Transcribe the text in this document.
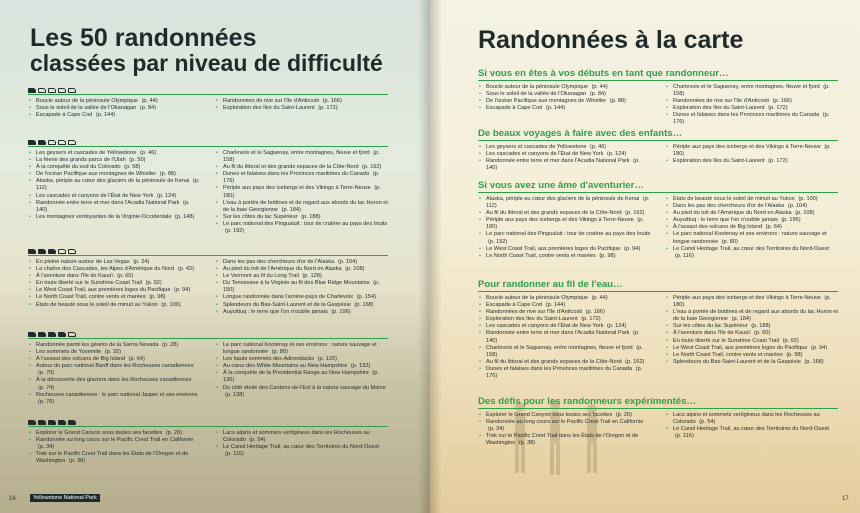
Les 50 randonnées
classées par niveau de difficulté
• Boucle autour de la péninsule Olympique (p. 44)
• Sous le soleil de la vallée de l'Okanagan (p. 84)
• Escapade à Cape Cod (p. 144)
• Randonnées de rive sur l'île d'Anticosti (p. 166)
• Exploration des îles du Saint-Laurent (p. 172)
• Les geysers et cascades de Yellowstone (p. 46)
• La féerie des grands parcs de l'Utah (p. 50)
• À la conquête du sud du Colorado (p. 58)
• De l'océan Pacifique aux montagnes de Whistler (p. 88)
• Alaska, périple au cœur des glaciers de la péninsule de Kenai (p. 112)
• Les cascades et canyons de l'État de New York (p. 124)
• Randonnée entre terre et mer dans l'Acadia National Park (p. 140)
• Les montagnes verdoyantes de la Virginie-Occidentale (p. 148)
• Charlevoix et le Saguenay, entre montagnes, fleuve et fjord (p. 158)
• Au fil du littoral et des grands espaces de la Côte-Nord (p. 162)
• Dunes et falaises dans les Provinces maritimes du Canada (p. 176)
• Périple aux pays des icebergs et des Vikings à Terre-Neuve (p. 180)
• L'eau à portée de bottines et de regard aux abords du lac Huron et de la baie Georgienne (p. 184)
• Sur les côtes du lac Supérieur (p. 188)
• Le parc national des Pingualuit : tour de cratère au pays des Inuits (p. 192)
• En pleine nature autour de Las Vegas (p. 24)
• La chaîne des Cascades, les Alpes d'Amérique du Nord (p. 42)
• À l'aventure dans l'île de Kaua'i (p. 60)
• En toute liberté sur le Sunshine Coast Trail (p. 92)
• Le West Coast Trail, aux premières loges du Pacifique (p. 94)
• Le North Coast Trail, contre vents et marées (p. 98)
• États de beauté sous le soleil de minuit au Yukon (p. 100)
• Dans les pas des chercheurs d'or de l'Alaska (p. 104)
• Au pied du toit de l'Amérique du Nord en Alaska (p. 108)
• Le Vermont au fil du Long Trail (p. 128)
• Du Tennessee à la Virginie au fil des Blue Ridge Mountains (p. 150)
• Longue randonnée dans l'arrière-pays de Charlevoix (p. 154)
• Splendeurs du Bas-Saint-Laurent et de la Gaspésie (p. 168)
• Auyuittuq : le terre que l'on n'oublie jamais (p. 196)
• Randonnée parmi les géants de la Sierra Nevada (p. 28)
• Les sommets de Yosemite (p. 32)
• À l'assaut des volcans de Big Island (p. 64)
• Autour du parc national Banff dans les Rocheuses canadiennes (p. 70)
• À la découverte des glaciers dans les Rocheuses canadiennes (p. 74)
• Rocheuses canadiennes : le parc national Jasper et ses environs (p. 76)
• Le parc national Kootenay et ses environs : nature sauvage et longue randonnée (p. 80)
• Les hauts sommets des Adirondacks (p. 120)
• Au cœur des White Mountains au New Hampshire (p. 132)
• À la conquête de la Presidential Range au New Hampshire (p. 136)
• Du côté étoilé des Cantons-de-l'Est à la nature sauvage du Maine (p. 138)
• Explorer le Grand Canyon sous toutes ses facettes (p. 20)
• Randonnée au long cours sur le Pacific Crest Trail en Californie (p. 34)
• Trek sur le Pacific Crest Trail dans les États de l'Oregon et de Washington (p. 38)
• Lacs alpins et sommets vertigineux dans les Rocheuses au Colorado (p. 54)
• Le Canol Heritage Trail, au cœur des Territoires du Nord-Ouest (p. 116)
Yellowstone National Park
16
Randonnées à la carte
17
Si vous en êtes à vos débuts en tant que randonneur…
• Boucle autour de la péninsule Olympique (p. 44)
• Sous le soleil de la vallée de l'Okanagan (p. 84)
• De l'océan Pacifique aux montagnes de Whistler (p. 88)
• Escapade à Cape Cod (p. 144)
• Charlevoix et le Saguenay, entre montagnes, fleuve et fjord (p. 158)
• Randonnées de rive sur l'île d'Anticosti (p. 166)
• Exploration des îles du Saint-Laurent (p. 172)
• Dunes et falaises dans les Provinces maritimes du Canada (p. 176)
De beaux voyages à faire avec des enfants…
• Les geysers et cascades de Yellowstone (p. 46)
• Les cascades et canyons de l'État de New York (p. 124)
• Randonnée entre terre et mer dans l'Acadia National Park (p. 140)
• Périple aux pays des icebergs et des Vikings à Terre-Neuve (p. 180)
• Exploration des îles du Saint-Laurent (p. 172)
Si vous avez une âme d'aventurier…
• Alaska, périple au cœur des glaciers de la péninsule de Kenai (p. 112)
• Au fil du littoral et des grands espaces de la Côte-Nord (p. 162)
• Périple aux pays des icebergs et des Vikings à Terre-Neuve (p. 180)
• Le parc national des Pingualuit : tour de cratère au pays des Inuits (p. 192)
• Le West Coast Trail, aux premières loges du Pacifique (p. 94)
• Le North Coast Trail, contre vents et marées (p. 98)
• États de beauté sous le soleil de minuit au Yukon (p. 100)
• Dans les pas des chercheurs d'or de l'Alaska (p. 104)
• Au pied du toit de l'Amérique du Nord en Alaska (p. 108)
• Auyuittuq : le terre que l'on n'oublie jamais (p. 196)
• À l'assaut des volcans de Big Island (p. 64)
• Le parc national Kootenay et ses environs : nature sauvage et longue randonnée (p. 80)
• Le Canol Heritage Trail, au cœur des Territoires du Nord-Ouest (p. 116)
Pour randonner au fil de l'eau…
• Boucle autour de la péninsule Olympique (p. 44)
• Escapade à Cape Cod (p. 144)
• Randonnées de rive sur l'île d'Anticosti (p. 166)
• Exploration des îles du Saint-Laurent (p. 172)
• Les cascades et canyons de l'État de New York (p. 124)
• Randonnée entre terre et mer dans l'Acadia National Park (p. 140)
• Charlevoix et le Saguenay, entre montagnes, fleuve et fjord (p. 158)
• Au fil du littoral et des grands espaces de la Côte-Nord (p. 162)
• Dunes et falaises dans les Provinces maritimes du Canada (p. 176)
• Périple aux pays des icebergs et des Vikings à Terre-Neuve (p. 180)
• L'eau à portée de bottines et de regard aux abords du lac Huron et de la baie Georgienne (p. 184)
• Sur les côtes du lac Supérieur (p. 188)
• À l'aventure dans l'île de Kaua'i (p. 60)
• En toute liberté sur le Sunshine Coast Trail (p. 92)
• Le West Coast Trail, aux premières loges du Pacifique (p. 94)
• Le North Coast Trail, contre vents et marées (p. 98)
• Splendeurs du Bas-Saint-Laurent et de la Gaspésie (p. 168)
Des défis pour les randonneurs expérimentés…
• Explorer le Grand Canyon sous toutes ses facettes (p. 20)
• Randonnée au long cours sur le Pacific Crest Trail en Californie (p. 34)
• Trek sur le Pacific Crest Trail dans les États de l'Oregon et de Washington (p. 38)
• Lacs alpins et sommets vertigineux dans les Rocheuses au Colorado (p. 54)
• Le Canol Heritage Trail, au cœur des Territoires du Nord-Ouest (p. 116)
